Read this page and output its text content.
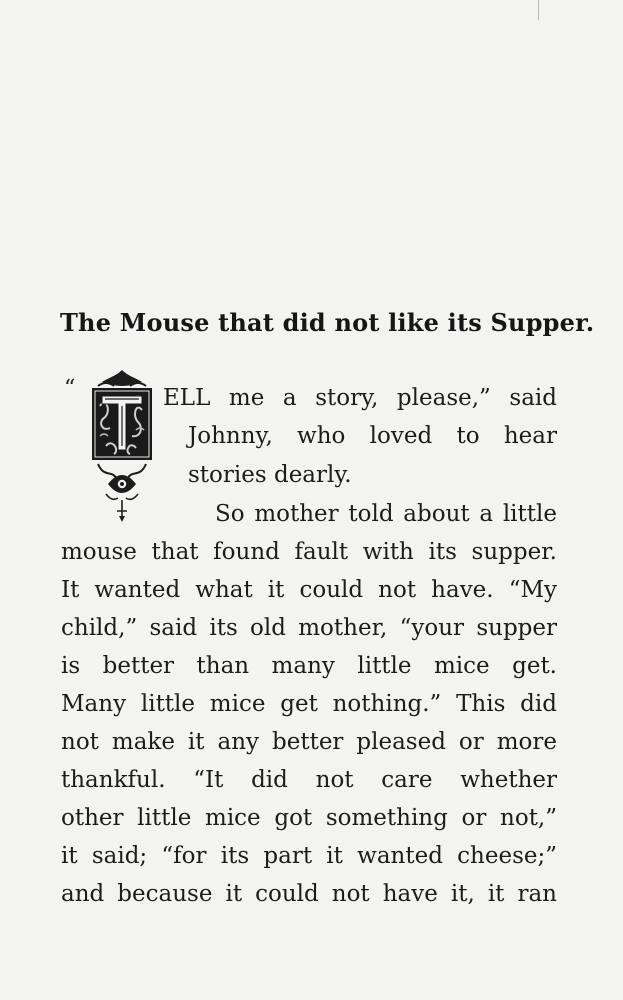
The Mouse that did not like its Supper.
“	ELL me a story, please,” said
Johnny, who loved to hear
stories dearly.
So mother told about a little
mouse that found fault with its supper.
It wanted what it could not have. “My
child,” said its old mother, “your supper
is better than many little mice get.
Many little mice get nothing.” This did
not make it any better pleased or more
thankful. “It did not care whether
other little mice got something or not,”
it said; “for its part it wanted cheese;”
and because it could not have it, it ran
